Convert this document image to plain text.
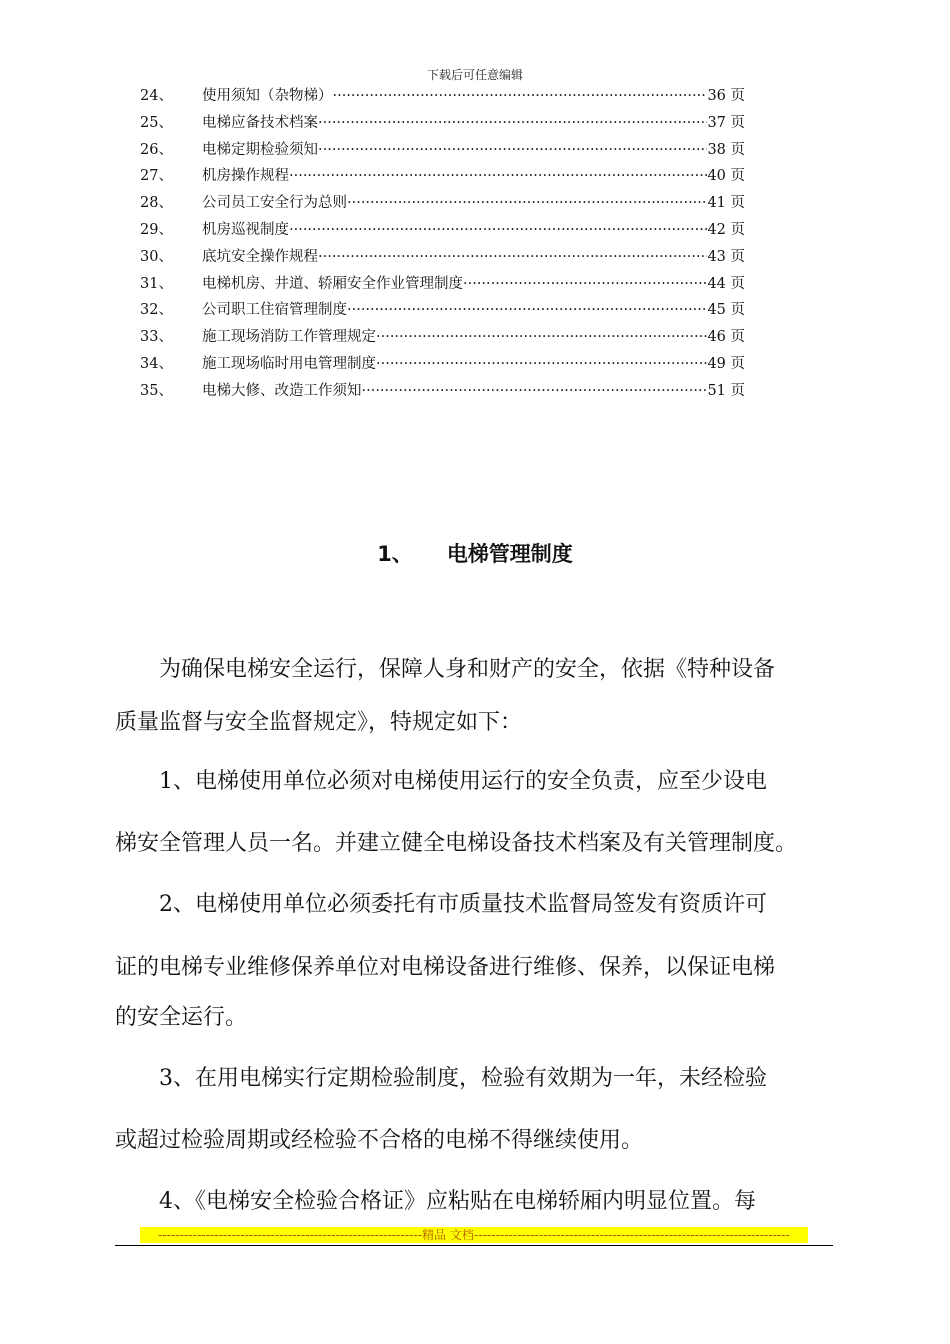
下载后可任意编辑
24、	使用须知（杂物梯） ·····	36 页
25、	电梯应备技术档案 ·····	37 页
26、	电梯定期检验须知 ·····	38 页
27、	机房操作规程 ·····	40 页
28、	公司员工安全行为总则 ·····	41 页
29、	机房巡视制度 ·····	42 页
30、	底坑安全操作规程 ·····	43 页
31、	电梯机房、井道、轿厢安全作业管理制度 ·····	44 页
32、	公司职工住宿管理制度 ·····	45 页
33、	施工现场消防工作管理规定 ·····	46 页
34、	施工现场临时用电管理制度 ·····	49 页
35、	电梯大修、改造工作须知 ·····	51 页
1、 电梯管理制度
为确保电梯安全运行，保障人身和财产的安全，依据《特种设备
质量监督与安全监督规定》，特规定如下：
1、电梯使用单位必须对电梯使用运行的安全负责，应至少设电
梯安全管理人员一名。并建立健全电梯设备技术档案及有关管理制度。
2、电梯使用单位必须委托有市质量技术监督局签发有资质许可
证的电梯专业维修保养单位对电梯设备进行维修、保养，以保证电梯
的安全运行。
3、在用电梯实行定期检验制度，检验有效期为一年，未经检验
或超过检验周期或经检验不合格的电梯不得继续使用。
4、《电梯安全检验合格证》应粘贴在电梯轿厢内明显位置。每
-------------------------------------------------------------精品 文档-------------------------------------------------------------------------
